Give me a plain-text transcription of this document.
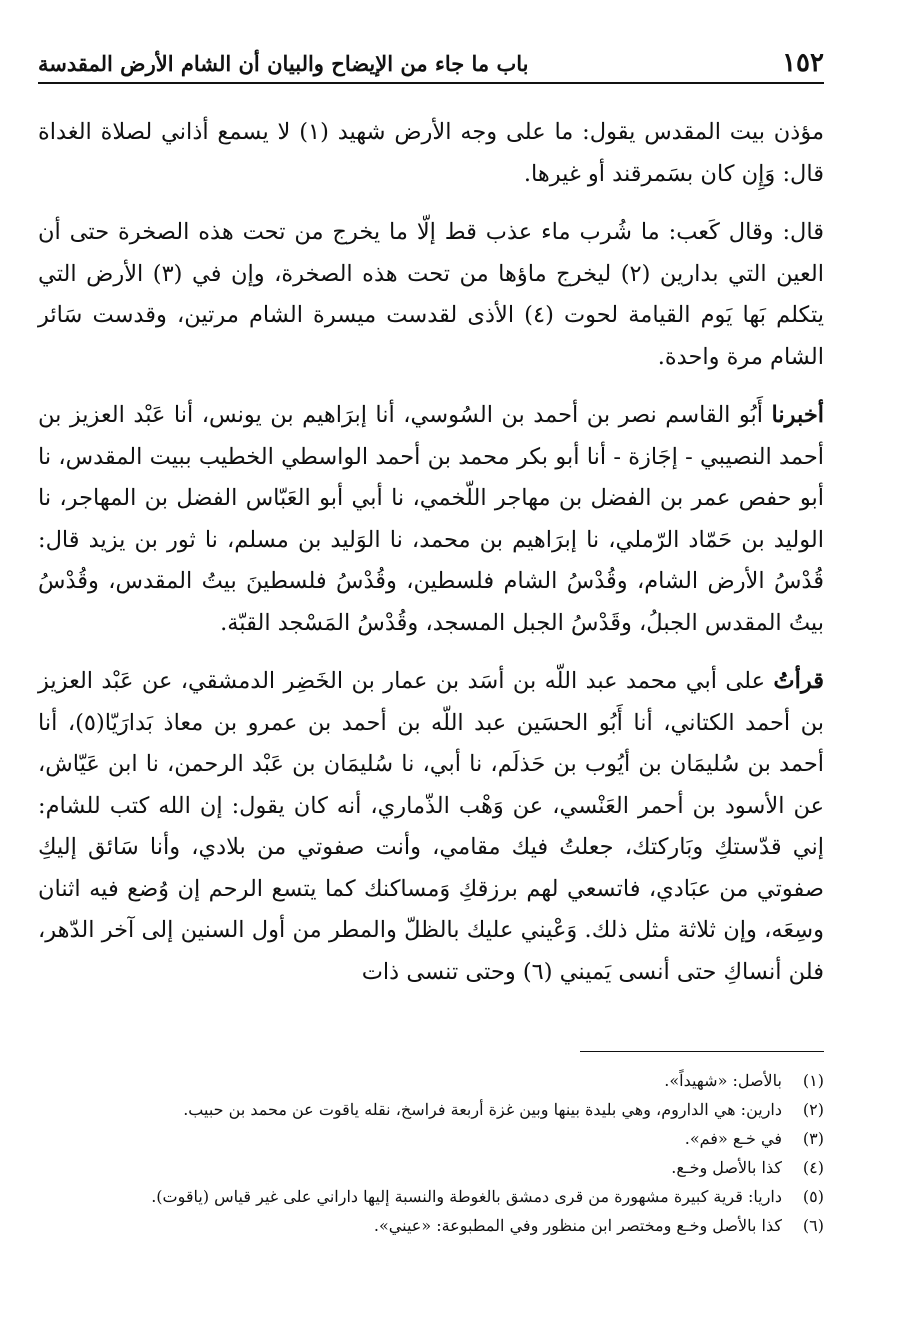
١٥٢
باب ما جاء من الإيضاح والبيان أن الشام الأرض المقدسة

مؤذن بيت المقدس يقول: ما على وجه الأرض شهيد (١) لا يسمع أذاني لصلاة الغداة قال: وَإِن كان بسَمرقند أو غيرها.

قال: وقال كَعب: ما شُرب ماء عذب قط إلّا ما يخرج من تحت هذه الصخرة حتى أن العين التي بدارين (٢) ليخرج ماؤها من تحت هذه الصخرة، وإن في (٣) الأرض التي يتكلم بَها يَوم القيامة لحوت (٤) الأذى لقدست ميسرة الشام مرتين، وقدست سَائر الشام مرة واحدة.

أخبرنا أَبُو القاسم نصر بن أحمد بن السُوسي، أنا إبرَاهيم بن يونس، أنا عَبْد العزيز بن أحمد النصيبي - إجَازة - أنا أبو بكر محمد بن أحمد الواسطي الخطيب ببيت المقدس، نا أبو حفص عمر بن الفضل بن مهاجر اللّخمي، نا أبي أبو العَبّاس الفضل بن المهاجر، نا الوليد بن حَمّاد الرّملي، نا إبرَاهيم بن محمد، نا الوَليد بن مسلم، نا ثور بن يزيد قال: قُدْسُ الأرض الشام، وقُدْسُ الشام فلسطين، وقُدْسُ فلسطينَ بيتُ المقدس، وقُدْسُ بيتُ المقدس الجبلُ، وقَدْسُ الجبل المسجد، وقُدْسُ المَسْجد القبّة.

قرأتُ على أبي محمد عبد اللّه بن أسَد بن عمار بن الخَضِر الدمشقي، عن عَبْد العزيز بن أحمد الكتاني، أنا أَبُو الحسَين عبد اللّه بن أحمد بن عمرو بن معاذ بَدارَيّا(٥)، أنا أحمد بن سُليمَان بن أيُوب بن حَذلَم، نا أبي، نا سُليمَان بن عَبْد الرحمن، نا ابن عَيّاش، عن الأسود بن أحمر العَنْسي، عن وَهْب الذّماري، أنه كان يقول: إن الله كتب للشام: إني قدّستكِ وبَاركتك، جعلتُ فيك مقامي، وأنت صفوتي من بلادي، وأنا سَائق إليكِ صفوتي من عبَادي، فاتسعي لهم برزقكِ وَمساكنك كما يتسع الرحم إن وُضع فيه اثنان وسِعَه، وإن ثلاثة مثل ذلك. وَعْيني عليك بالظلّ والمطر من أول السنين إلى آخر الدّهر، فلن أنساكِ حتى أنسى يَميني (٦) وحتى تنسى ذات

(١)
بالأصل: «شهيداً».
(٢)
دارين: هي الداروم، وهي بليدة بينها وبين غزة أربعة فراسخ، نقله ياقوت عن محمد بن حبيب.
(٣)
في خـع «فم».
(٤)
كذا بالأصل وخـع.
(٥)
داريا: قرية كبيرة مشهورة من قرى دمشق بالغوطة والنسبة إليها داراني على غير قياس (ياقوت).
(٦)
كذا بالأصل وخـع ومختصر ابن منظور وفي المطبوعة: «عيني».
